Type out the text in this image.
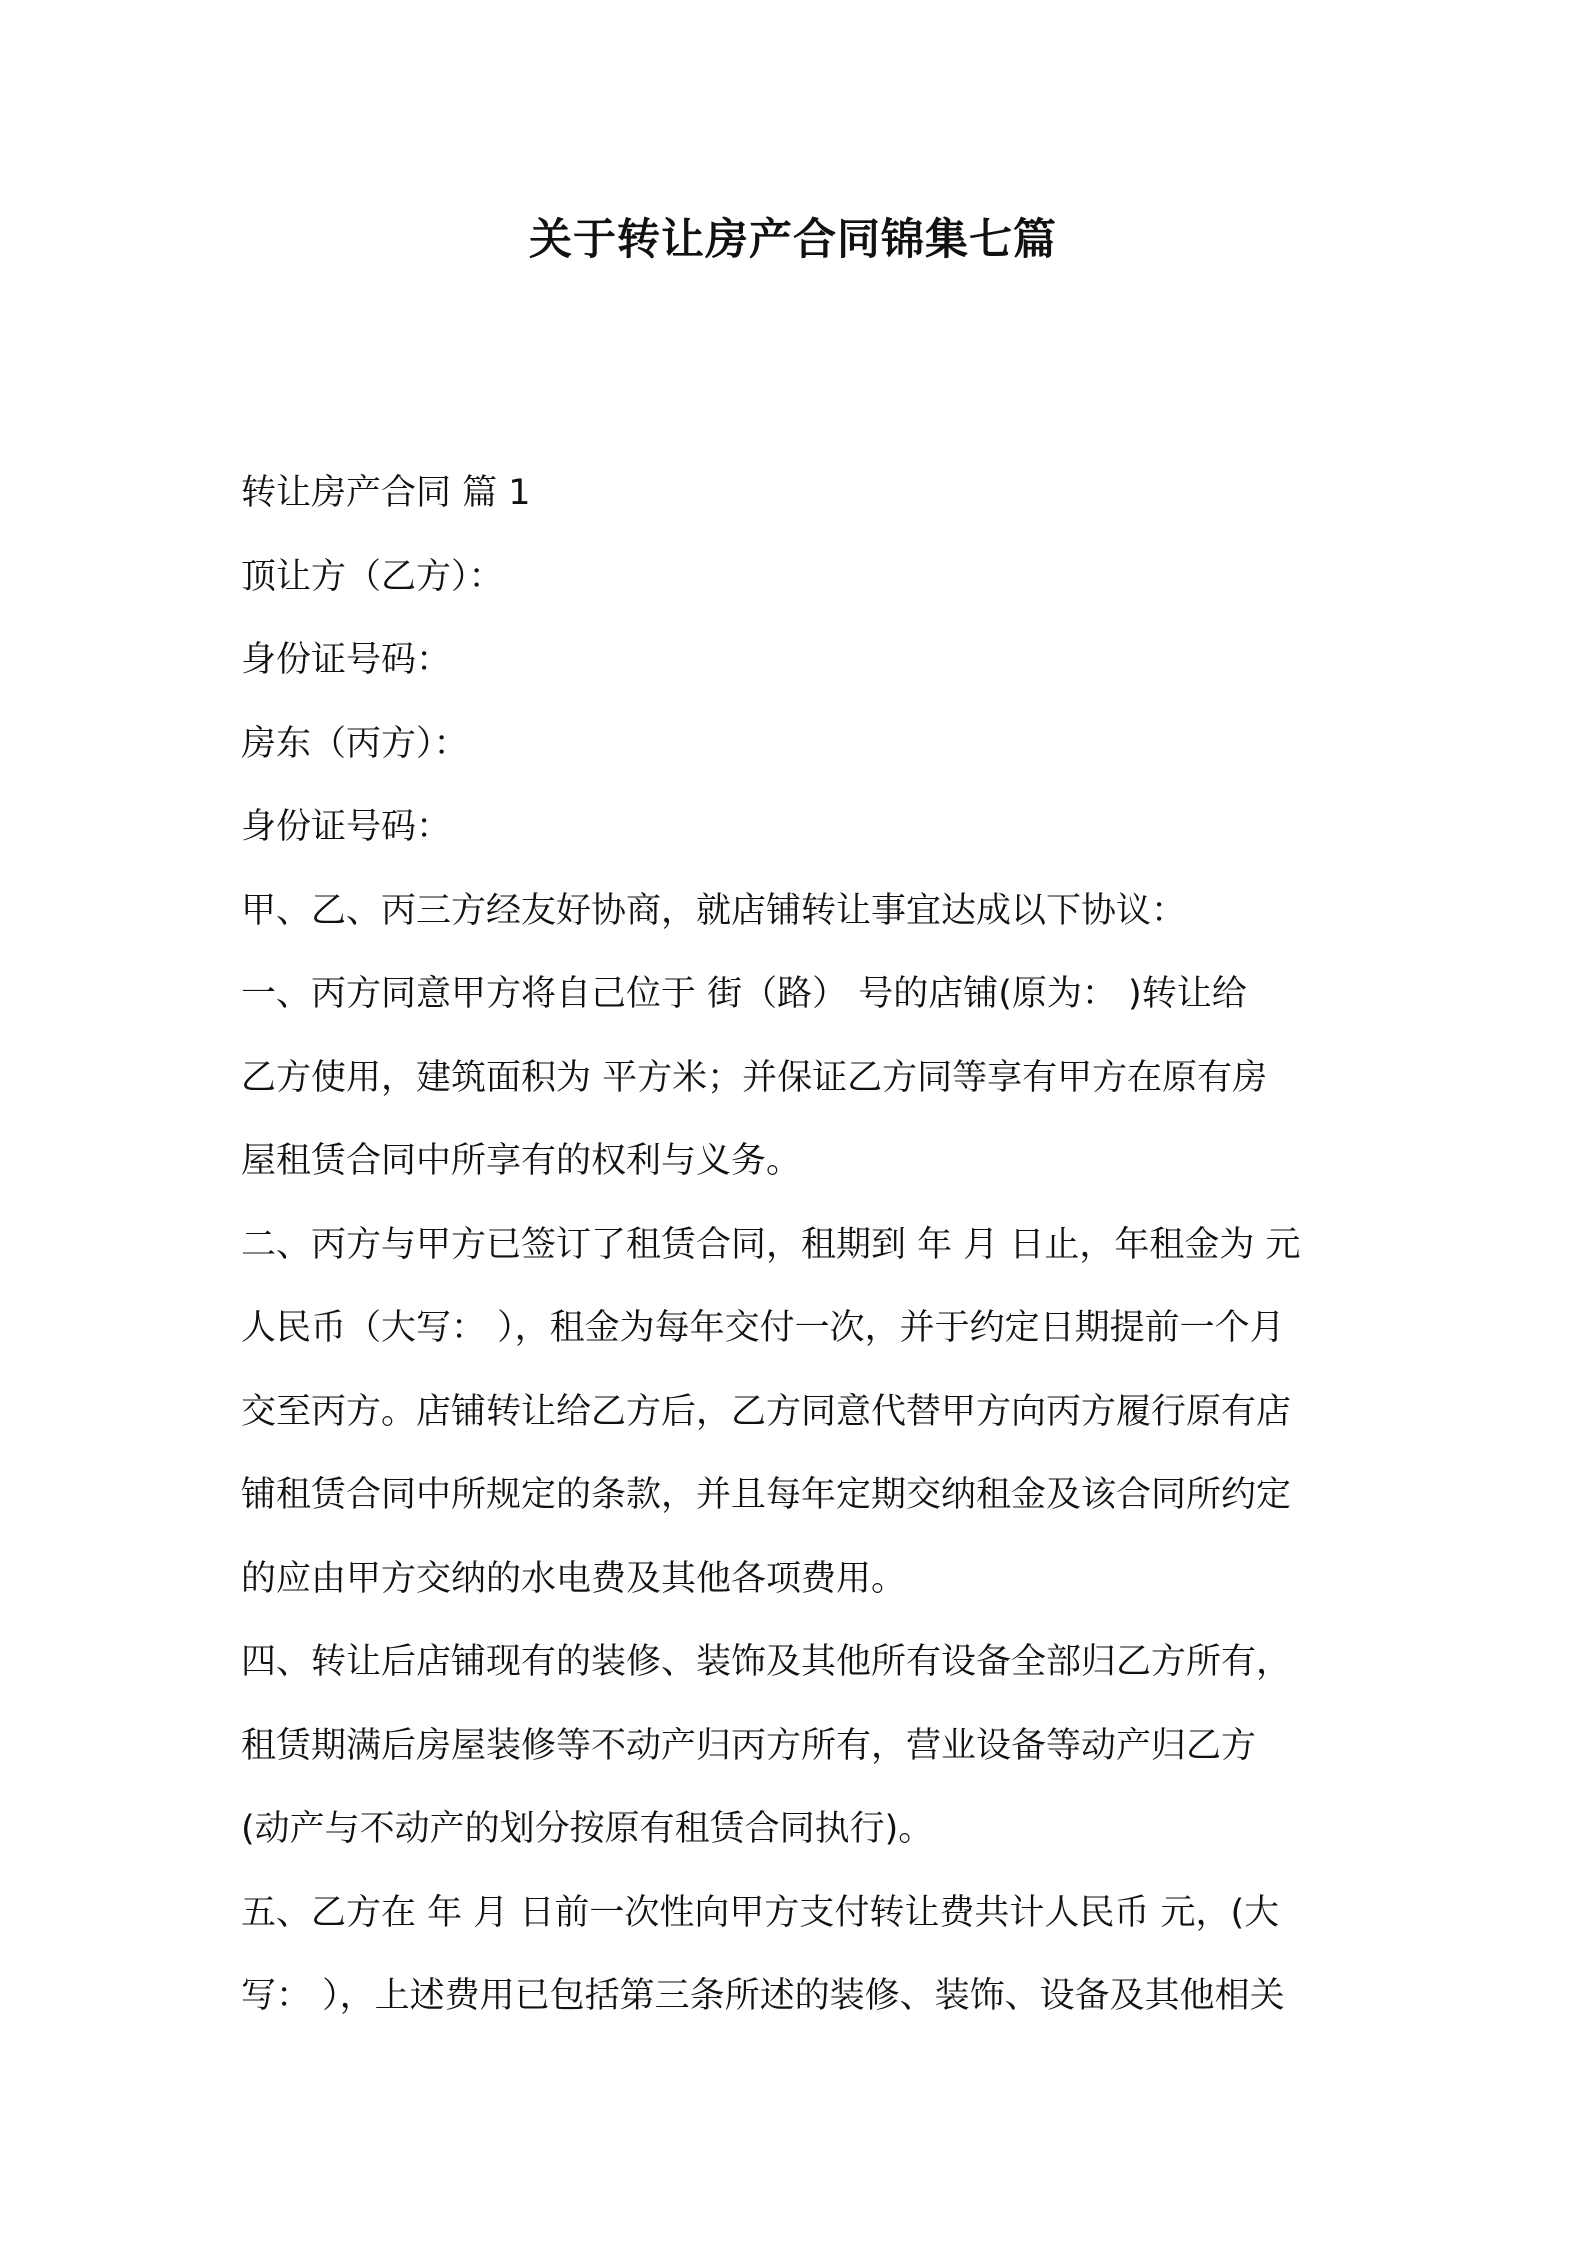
关于转让房产合同锦集七篇

转让房产合同 篇 1

顶让方（乙方）：

身份证号码：

房东（丙方）：

身份证号码：

甲、乙、丙三方经友好协商，就店铺转让事宜达成以下协议：

一、丙方同意甲方将自己位于 街（路） 号的店铺(原为： )转让给

乙方使用，建筑面积为 平方米；并保证乙方同等享有甲方在原有房

屋租赁合同中所享有的权利与义务。

二、丙方与甲方已签订了租赁合同，租期到 年 月 日止，年租金为 元

人民币（大写： ），租金为每年交付一次，并于约定日期提前一个月

交至丙方。店铺转让给乙方后，乙方同意代替甲方向丙方履行原有店

铺租赁合同中所规定的条款，并且每年定期交纳租金及该合同所约定

的应由甲方交纳的水电费及其他各项费用。

四、转让后店铺现有的装修、装饰及其他所有设备全部归乙方所有，

租赁期满后房屋装修等不动产归丙方所有，营业设备等动产归乙方

(动产与不动产的划分按原有租赁合同执行)。

五、乙方在 年 月 日前一次性向甲方支付转让费共计人民币 元，(大

写： ），上述费用已包括第三条所述的装修、装饰、设备及其他相关
